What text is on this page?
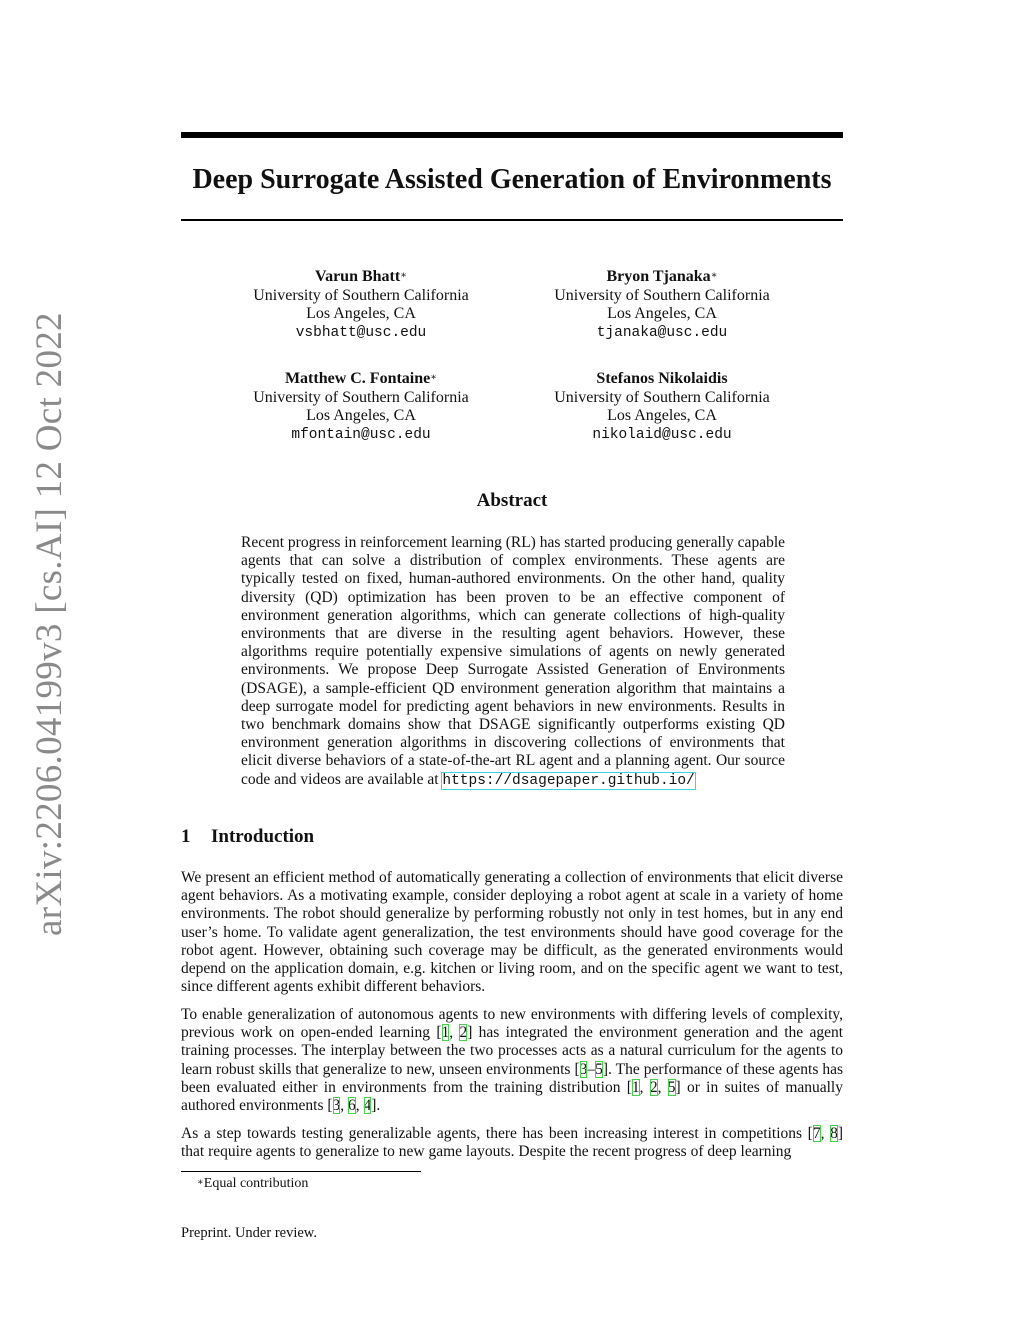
arXiv:2206.04199v3 [cs.AI] 12 Oct 2022
Deep Surrogate Assisted Generation of Environments
Varun Bhatt∗
University of Southern California
Los Angeles, CA
vsbhatt@usc.edu
Bryon Tjanaka∗
University of Southern California
Los Angeles, CA
tjanaka@usc.edu
Matthew C. Fontaine∗
University of Southern California
Los Angeles, CA
mfontain@usc.edu
Stefanos Nikolaidis
University of Southern California
Los Angeles, CA
nikolaid@usc.edu
Abstract
Recent progress in reinforcement learning (RL) has started producing generally capable agents that can solve a distribution of complex environments. These agents are typically tested on fixed, human-authored environments. On the other hand, quality diversity (QD) optimization has been proven to be an effective component of environment generation algorithms, which can generate collections of high-quality environments that are diverse in the resulting agent behaviors. However, these algorithms require potentially expensive simulations of agents on newly generated environments. We propose Deep Surrogate Assisted Generation of Environments (DSAGE), a sample-efficient QD environment generation algorithm that maintains a deep surrogate model for predicting agent behaviors in new environments. Results in two benchmark domains show that DSAGE significantly outperforms existing QD environment generation algorithms in discovering collections of environments that elicit diverse behaviors of a state-of-the-art RL agent and a planning agent. Our source code and videos are available at https://dsagepaper.github.io/
1 Introduction
We present an efficient method of automatically generating a collection of environments that elicit diverse agent behaviors. As a motivating example, consider deploying a robot agent at scale in a variety of home environments. The robot should generalize by performing robustly not only in test homes, but in any end user’s home. To validate agent generalization, the test environments should have good coverage for the robot agent. However, obtaining such coverage may be difficult, as the generated environments would depend on the application domain, e.g. kitchen or living room, and on the specific agent we want to test, since different agents exhibit different behaviors.
To enable generalization of autonomous agents to new environments with differing levels of complexity, previous work on open-ended learning [1, 2] has integrated the environment generation and the agent training processes. The interplay between the two processes acts as a natural curriculum for the agents to learn robust skills that generalize to new, unseen environments [3–5]. The performance of these agents has been evaluated either in environments from the training distribution [1, 2, 5] or in suites of manually authored environments [3, 6, 4].
As a step towards testing generalizable agents, there has been increasing interest in competitions [7, 8] that require agents to generalize to new game layouts. Despite the recent progress of deep learning
∗Equal contribution
Preprint. Under review.
